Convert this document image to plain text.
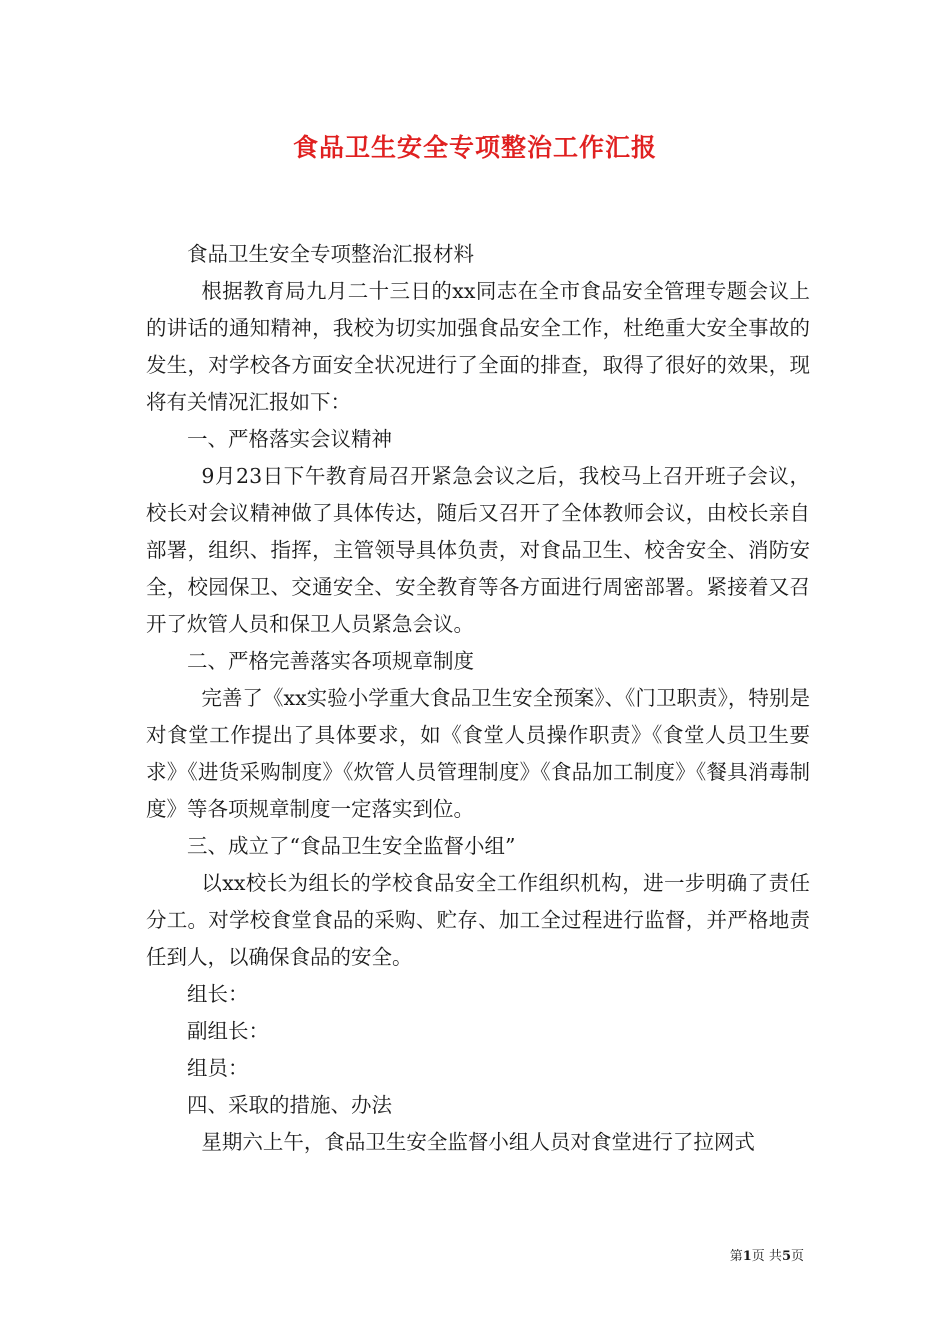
食品卫生安全专项整治工作汇报

食品卫生安全专项整治汇报材料

根据教育局九月二十三日的xx同志在全市食品安全管理专题会议上的讲话的通知精神，我校为切实加强食品安全工作，杜绝重大安全事故的发生，对学校各方面安全状况进行了全面的排查，取得了很好的效果，现将有关情况汇报如下：

一、严格落实会议精神

9月23日下午教育局召开紧急会议之后，我校马上召开班子会议，校长对会议精神做了具体传达，随后又召开了全体教师会议，由校长亲自部署，组织、指挥，主管领导具体负责，对食品卫生、校舍安全、消防安全，校园保卫、交通安全、安全教育等各方面进行周密部署。紧接着又召开了炊管人员和保卫人员紧急会议。

二、严格完善落实各项规章制度

完善了《xx实验小学重大食品卫生安全预案》、《门卫职责》，特别是对食堂工作提出了具体要求，如《食堂人员操作职责》《食堂人员卫生要求》《进货采购制度》《炊管人员管理制度》《食品加工制度》《餐具消毒制度》等各项规章制度一定落实到位。

三、成立了“食品卫生安全监督小组”

以xx校长为组长的学校食品安全工作组织机构，进一步明确了责任分工。对学校食堂食品的采购、贮存、加工全过程进行监督，并严格地责任到人，以确保食品的安全。

组长：

副组长：

组员：

四、采取的措施、办法

星期六上午，食品卫生安全监督小组人员对食堂进行了拉网式

第1页 共5页
